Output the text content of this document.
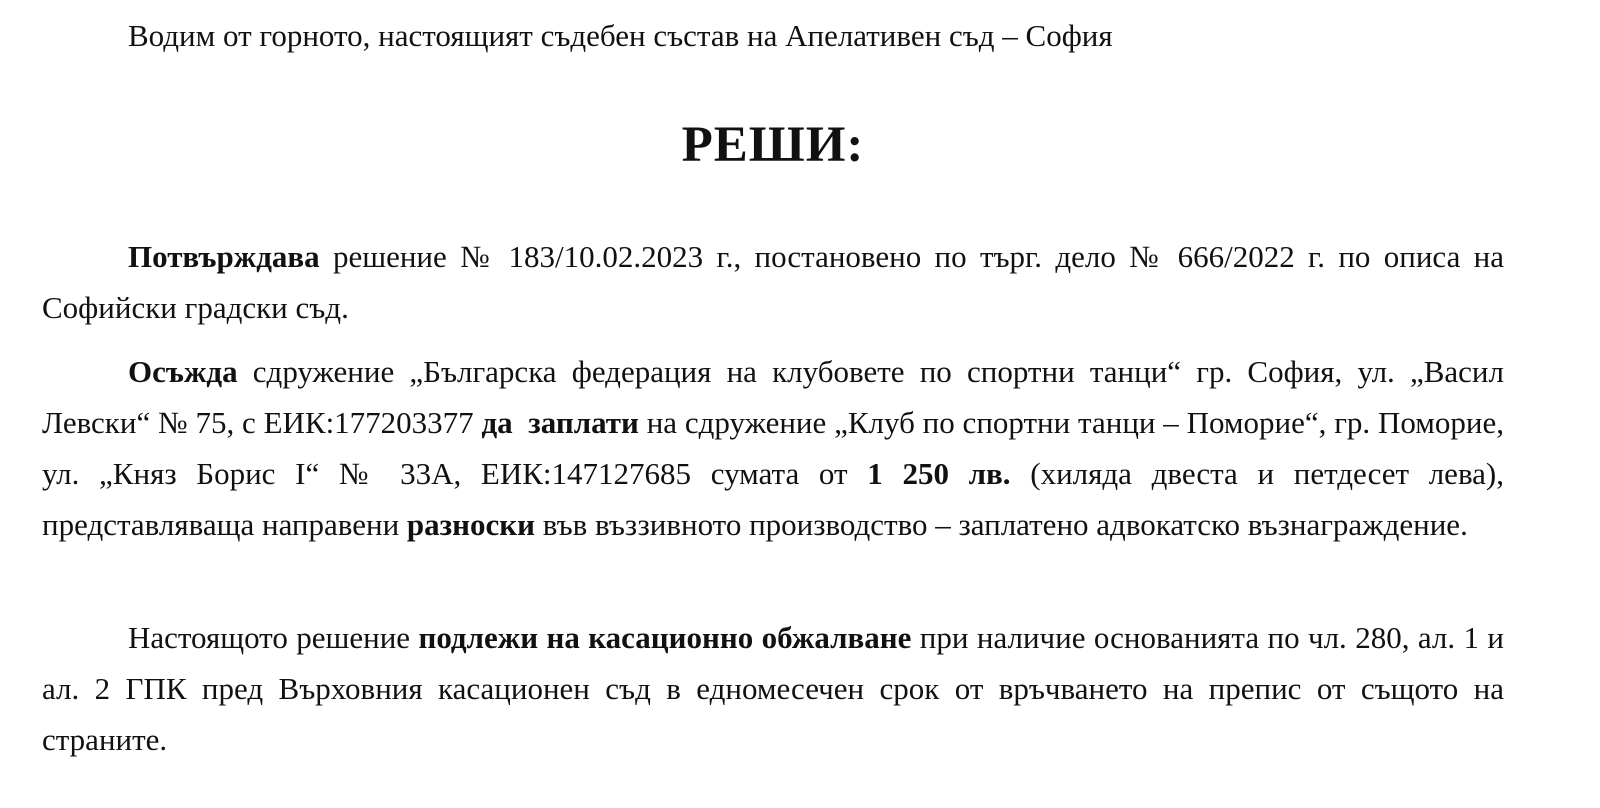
Водим от горното, настоящият съдебен състав на Апелативен съд – София
РЕШИ:

Потвърждава решение № 183/10.02.2023 г., постановено по търг. дело № 666/2022 г. по описа на Софийски градски съд.

Осъжда сдружение „Българска федерация на клубовете по спортни танци“ гр. София, ул. „Васил Левски“ № 75, с ЕИК:177203377 да  заплати на сдружение „Клуб по спортни танци – Поморие“, гр. Поморие, ул. „Княз Борис І“ № 33А, ЕИК:147127685 сумата от 1 250 лв. (хиляда двеста и петдесет лева), представляваща направени разноски във въззивното производство – заплатено адвокатско възнаграждение.

Настоящото решение подлежи на касационно обжалване при наличие основанията по чл. 280, ал. 1 и ал. 2 ГПК пред Върховния касационен съд в едномесечен срок от връчването на препис от същото на страните.
